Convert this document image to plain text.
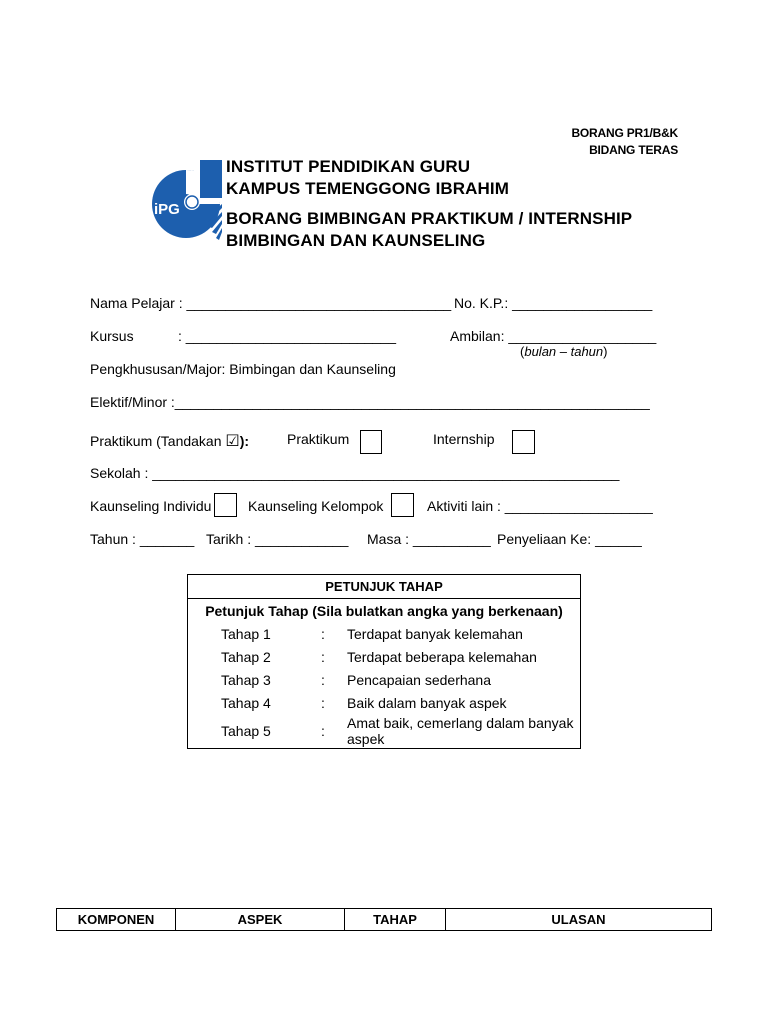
BORANG PR1/B&K
BIDANG TERAS
iPG
INSTITUT PENDIDIKAN GURU
KAMPUS TEMENGGONG IBRAHIM
BORANG BIMBINGAN PRAKTIKUM / INTERNSHIP
BIMBINGAN DAN KAUNSELING
Nama Pelajar : __________________________________ No. K.P.: __________________
Kursus	: ___________________________	Ambilan: ___________________
(bulan – tahun)
Pengkhususan/Major: Bimbingan dan Kaunseling
Elektif/Minor :_____________________________________________________________
Praktikum (Tandakan ☑):	Praktikum	Internship
Sekolah : ____________________________________________________________
Kaunseling Individu	Kaunseling Kelompok	Aktiviti lain : ___________________
Tahun : _______ Tarikh : ____________ Masa : __________ Penyeliaan Ke: ______
PETUNJUK TAHAP		
Petunjuk Tahap (Sila bulatkan angka yang berkenaan)		
Tahap 1	:	Terdapat banyak kelemahan
Tahap 2	:	Terdapat beberapa kelemahan
Tahap 3	:	Pencapaian sederhana
Tahap 4	:	Baik dalam banyak aspek
Tahap 5	:	Amat baik, cemerlang dalam banyak aspek
KOMPONEN	ASPEK	TAHAP	ULASAN
